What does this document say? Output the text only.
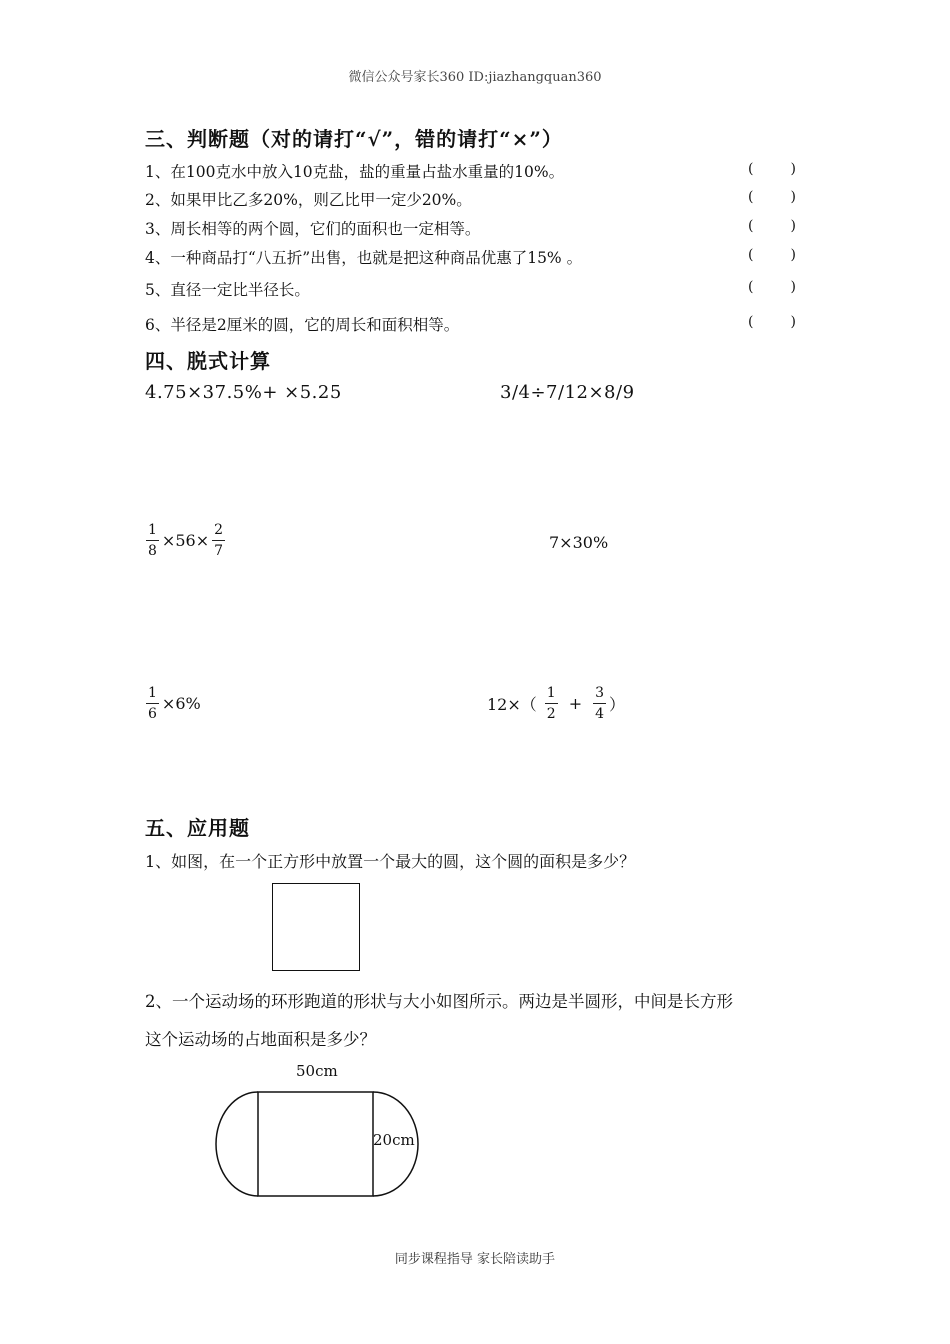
微信公众号家长360 ID:jiazhangquan360
三、判断题（对的请打“√”，错的请打“×”）
1、在100克水中放入10克盐，盐的重量占盐水重量的10%。	(	)
2、如果甲比乙多20%，则乙比甲一定少20%。	(	)
3、周长相等的两个圆，它们的面积也一定相等。	(	)
4、一种商品打“八五折”出售，也就是把这种商品优惠了15% 。	(	)
5、直径一定比半径长。	(	)
6、半径是2厘米的圆，它的周长和面积相等。	(	)
四、脱式计算
4.75×37.5%+ ×5.25	3/4÷7/12×8/9
$\frac{1}{8} \times 56\times \frac{2}{7}$	7×30%
$\frac{1}{6} \times 6\%$	$12\times( \frac{1}{2} + \frac{3}{4}$ ）
五、应用题
1、如图，在一个正方形中放置一个最大的圆，这个圆的面积是多少？
2、一个运动场的环形跑道的形状与大小如图所示。两边是半圆形，中间是长方形
这个运动场的占地面积是多少？
50cm
20cm
同步课程指导 家长陪读助手
